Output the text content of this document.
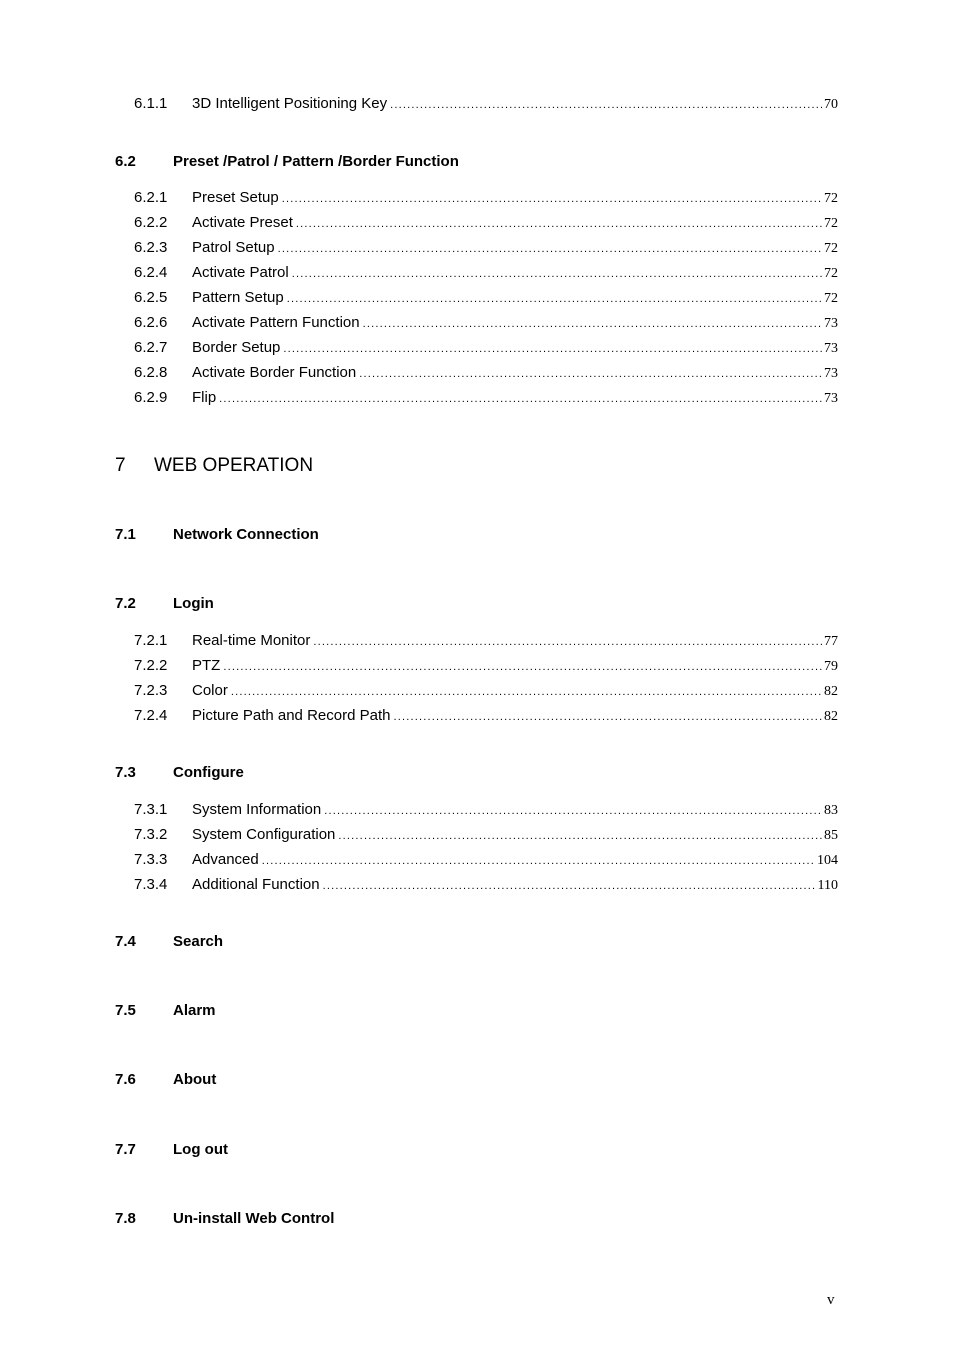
6.1.1 3D Intelligent Positioning Key .....	70
6.2 Preset /Patrol / Pattern /Border Function
6.2.1 Preset Setup .....	72
6.2.2 Activate Preset .....	72
6.2.3 Patrol Setup .....	72
6.2.4 Activate Patrol .....	72
6.2.5 Pattern Setup .....	72
6.2.6 Activate Pattern Function .....	73
6.2.7 Border Setup .....	73
6.2.8 Activate Border Function .....	73
6.2.9 Flip .....	73
7 WEB OPERATION
7.1 Network Connection
7.2 Login
7.2.1 Real-time Monitor .....	77
7.2.2 PTZ .....	79
7.2.3 Color .....	82
7.2.4 Picture Path and Record Path .....	82
7.3 Configure
7.3.1 System Information .....	83
7.3.2 System Configuration .....	85
7.3.3 Advanced .....	104
7.3.4 Additional Function .....	110
7.4 Search
7.5 Alarm
7.6 About
7.7 Log out
7.8 Un-install Web Control
v
